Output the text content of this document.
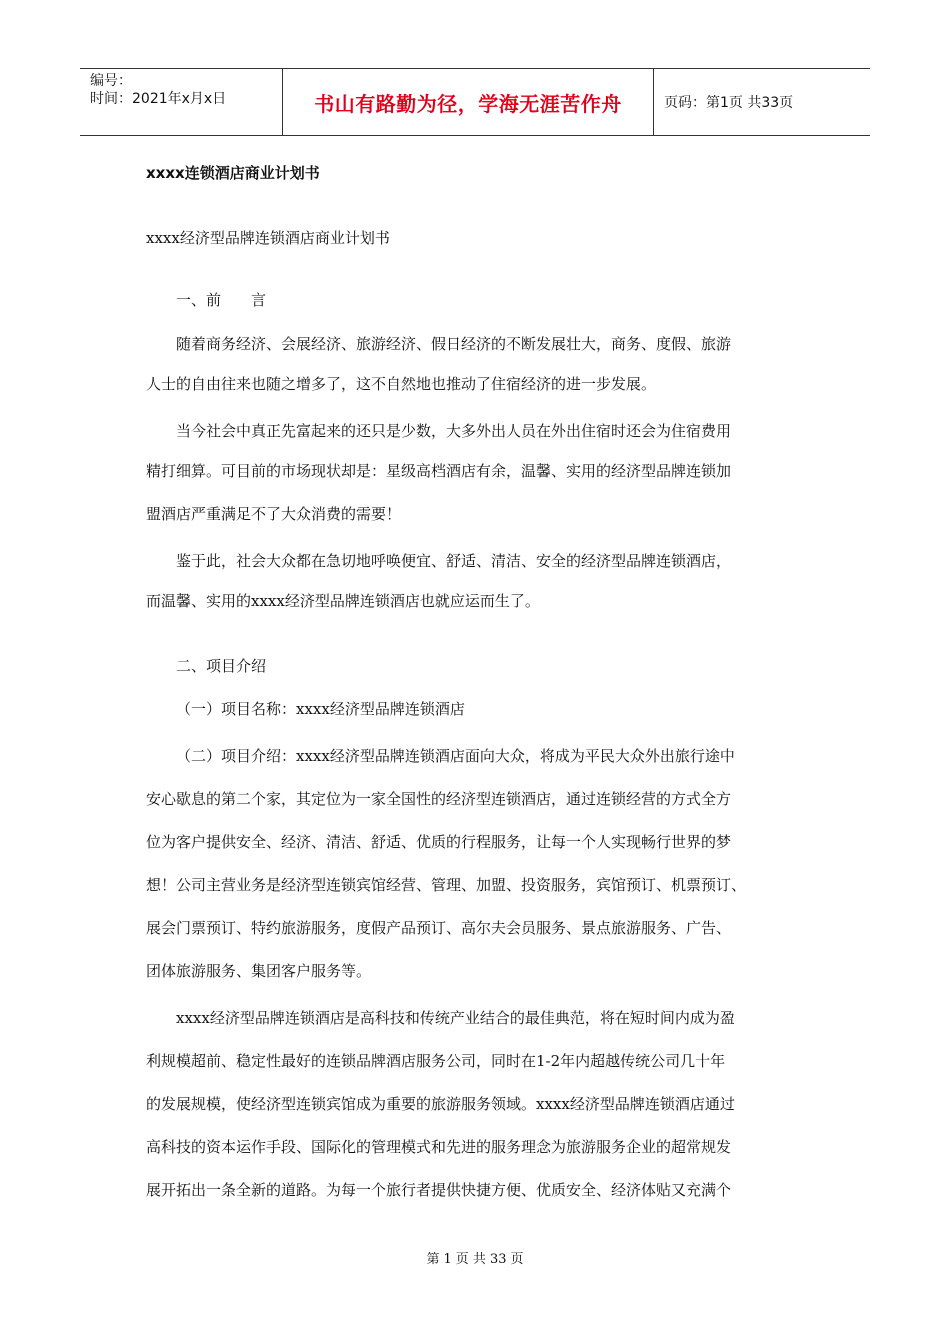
编号：
时间：2021年x月x日	书山有路勤为径，学海无涯苦作舟	页码：第1页 共33页
xxxx连锁酒店商业计划书
xxxx经济型品牌连锁酒店商业计划书
一、前　　言
随着商务经济、会展经济、旅游经济、假日经济的不断发展壮大，商务、度假、旅游
人士的自由往来也随之增多了，这不自然地也推动了住宿经济的进一步发展。
当今社会中真正先富起来的还只是少数，大多外出人员在外出住宿时还会为住宿费用
精打细算。可目前的市场现状却是：星级高档酒店有余，温馨、实用的经济型品牌连锁加
盟酒店严重满足不了大众消费的需要！
鉴于此，社会大众都在急切地呼唤便宜、舒适、清洁、安全的经济型品牌连锁酒店，
而温馨、实用的xxxx经济型品牌连锁酒店也就应运而生了。
二、项目介绍
（一）项目名称：xxxx经济型品牌连锁酒店
（二）项目介绍：xxxx经济型品牌连锁酒店面向大众，将成为平民大众外出旅行途中
安心歇息的第二个家，其定位为一家全国性的经济型连锁酒店，通过连锁经营的方式全方
位为客户提供安全、经济、清洁、舒适、优质的行程服务，让每一个人实现畅行世界的梦
想！公司主营业务是经济型连锁宾馆经营、管理、加盟、投资服务，宾馆预订、机票预订、
展会门票预订、特约旅游服务，度假产品预订、高尔夫会员服务、景点旅游服务、广告、
团体旅游服务、集团客户服务等。
xxxx经济型品牌连锁酒店是高科技和传统产业结合的最佳典范，将在短时间内成为盈
利规模超前、稳定性最好的连锁品牌酒店服务公司，同时在1-2年内超越传统公司几十年
的发展规模，使经济型连锁宾馆成为重要的旅游服务领域。xxxx经济型品牌连锁酒店通过
高科技的资本运作手段、国际化的管理模式和先进的服务理念为旅游服务企业的超常规发
展开拓出一条全新的道路。为每一个旅行者提供快捷方便、优质安全、经济体贴又充满个
第 1 页 共 33 页
